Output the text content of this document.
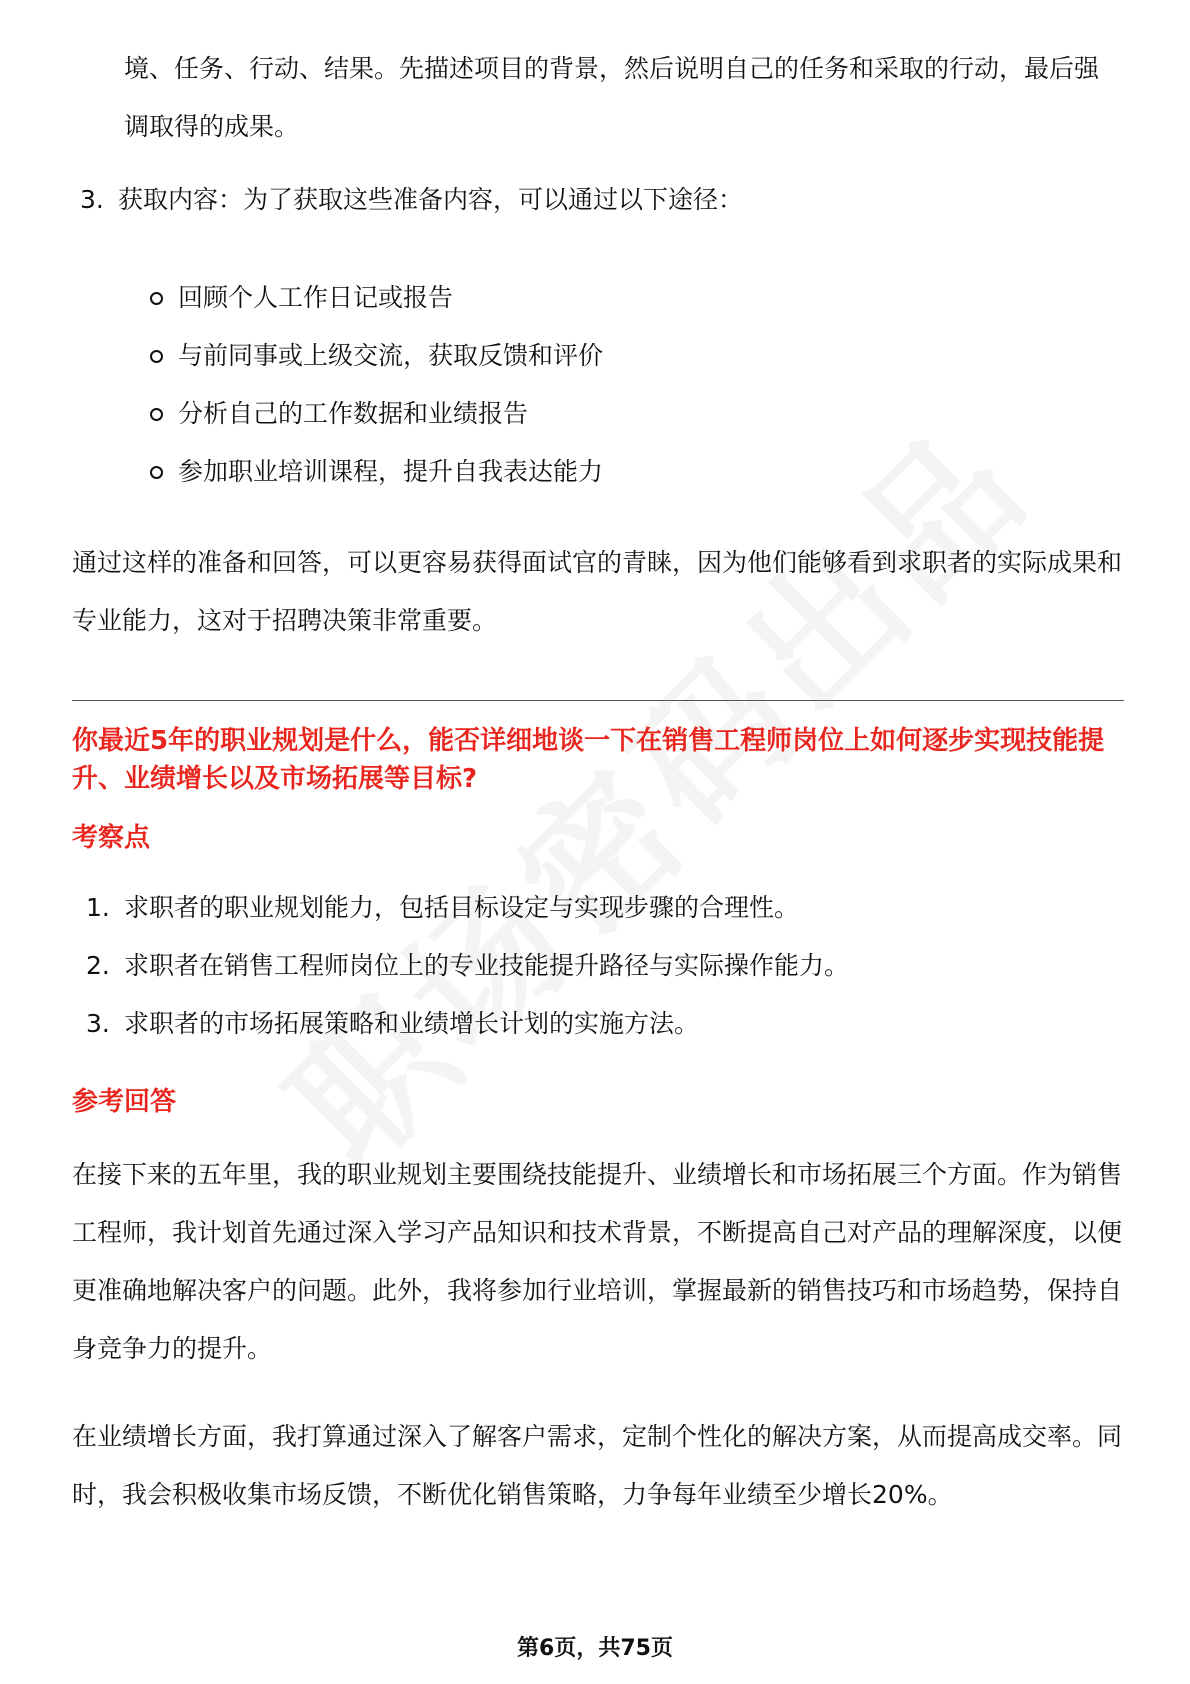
境、任务、行动、结果。先描述项目的背景，然后说明自己的任务和采取的行动，最后强调取得的成果。
3. 获取内容：为了获取这些准备内容，可以通过以下途径：
回顾个人工作日记或报告
与前同事或上级交流，获取反馈和评价
分析自己的工作数据和业绩报告
参加职业培训课程，提升自我表达能力
通过这样的准备和回答，可以更容易获得面试官的青睐，因为他们能够看到求职者的实际成果和专业能力，这对于招聘决策非常重要。
你最近5年的职业规划是什么，能否详细地谈一下在销售工程师岗位上如何逐步实现技能提升、业绩增长以及市场拓展等目标?
考察点
1. 求职者的职业规划能力，包括目标设定与实现步骤的合理性。
2. 求职者在销售工程师岗位上的专业技能提升路径与实际操作能力。
3. 求职者的市场拓展策略和业绩增长计划的实施方法。
参考回答
在接下来的五年里，我的职业规划主要围绕技能提升、业绩增长和市场拓展三个方面。作为销售工程师，我计划首先通过深入学习产品知识和技术背景，不断提高自己对产品的理解深度，以便更准确地解决客户的问题。此外，我将参加行业培训，掌握最新的销售技巧和市场趋势，保持自身竞争力的提升。
在业绩增长方面，我打算通过深入了解客户需求，定制个性化的解决方案，从而提高成交率。同时，我会积极收集市场反馈，不断优化销售策略，力争每年业绩至少增长20%。
第6页，共75页
